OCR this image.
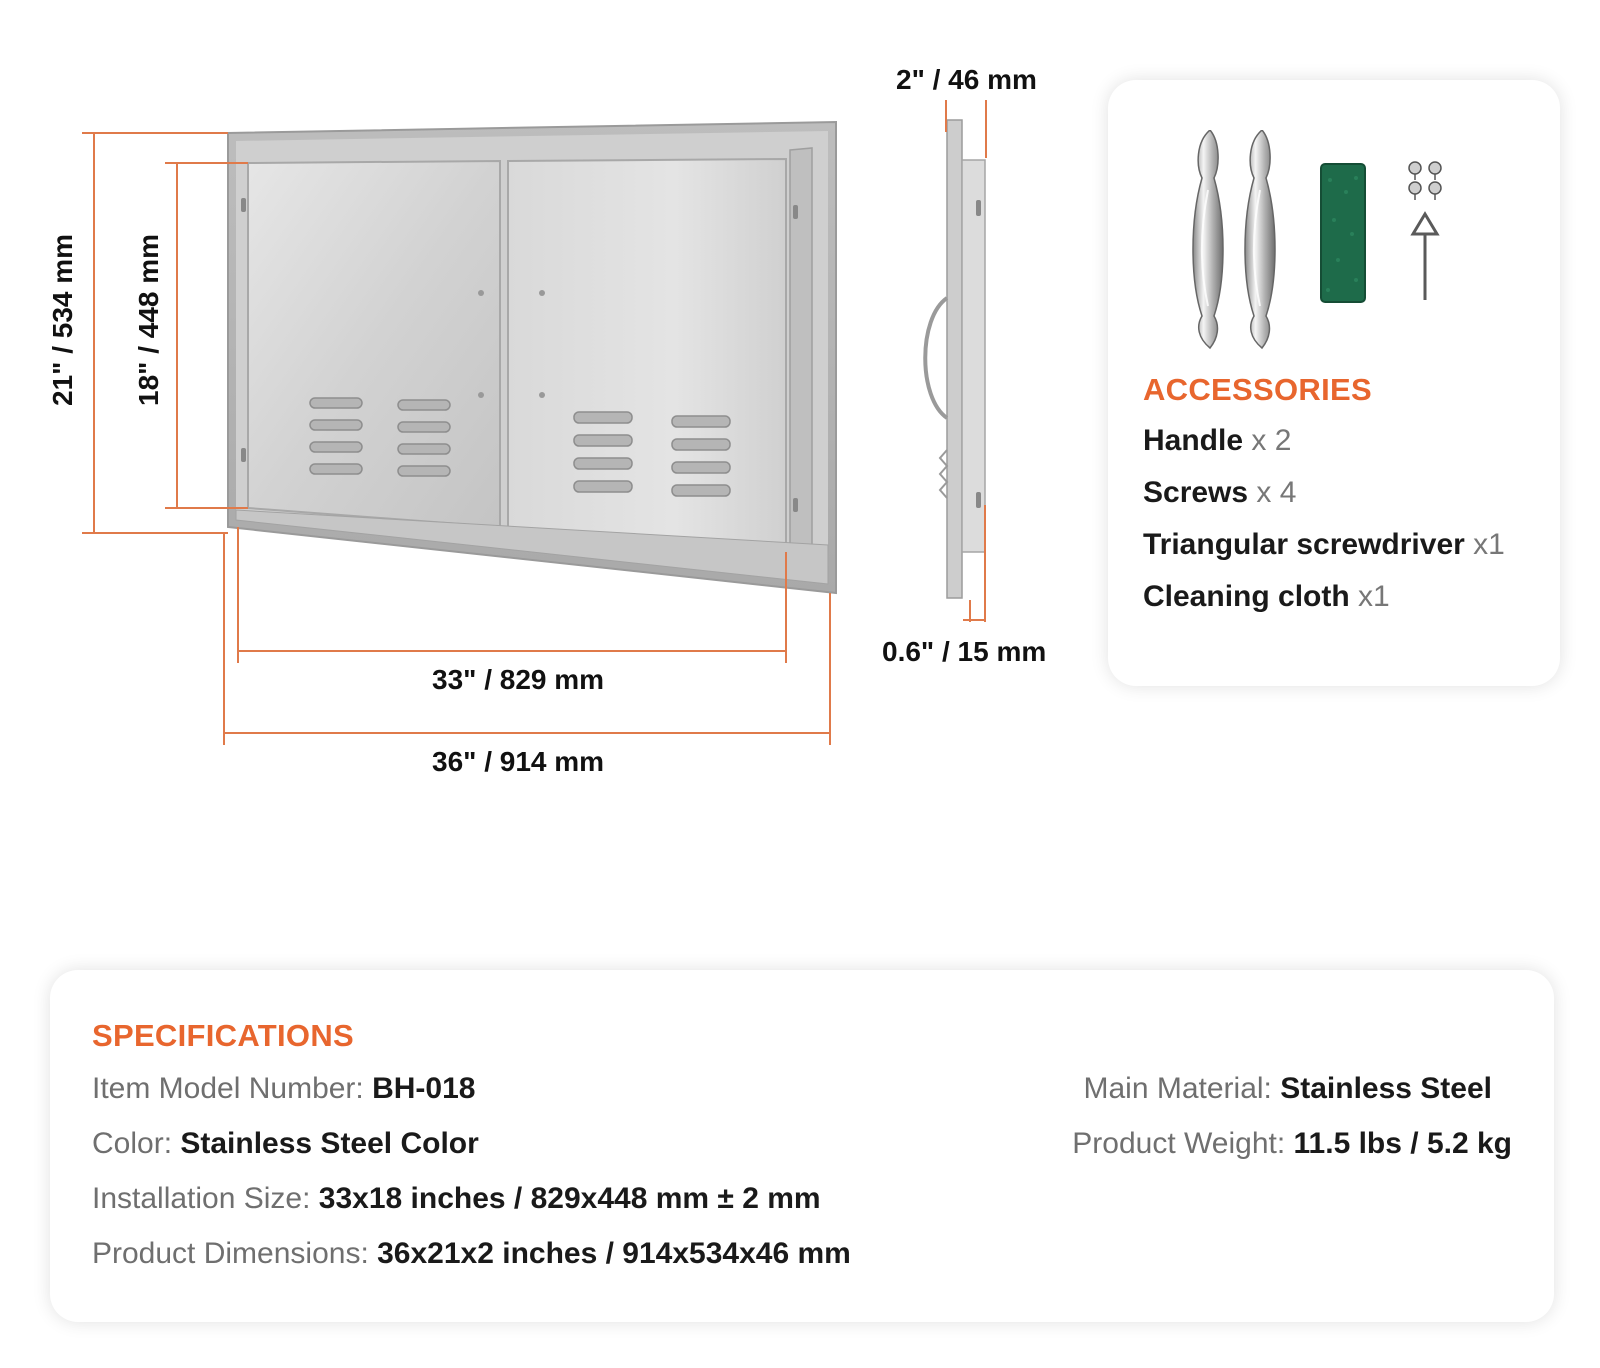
21" / 534 mm 18" / 448 mm
33" / 829 mm
36" / 914 mm
2" / 46 mm
0.6" / 15 mm
ACCESSORIES
Handle x 2
Screws x 4
Triangular screwdriver x1
Cleaning cloth x1
SPECIFICATIONS
Item Model Number: BH-018
Color: Stainless Steel Color
Installation Size: 33x18 inches / 829x448 mm ± 2 mm
Product Dimensions: 36x21x2 inches / 914x534x46 mm
Main Material: Stainless Steel
Product Weight: 11.5 lbs / 5.2 kg
